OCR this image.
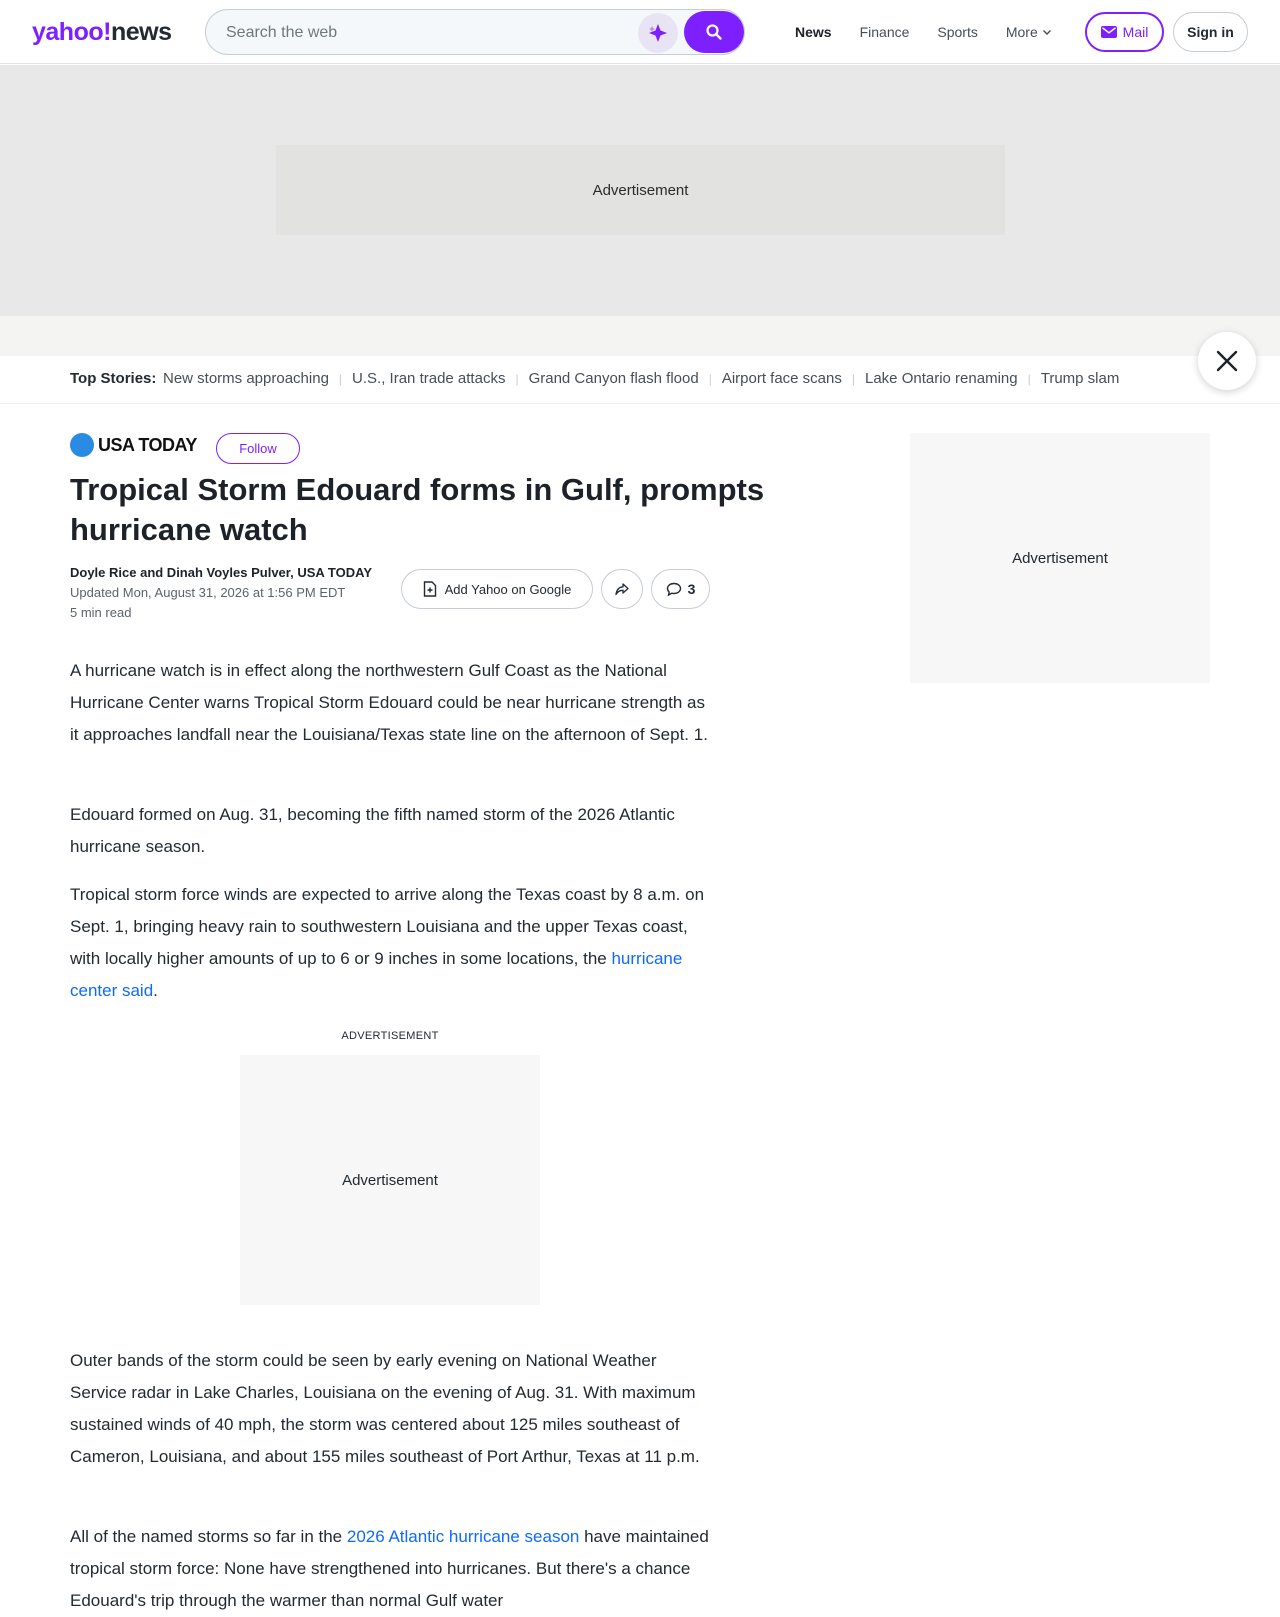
yahoo!news
Search the web	News Finance Sports More	Mail	Sign in
Advertisement
Top Stories: New storms approaching | U.S., Iran trade attacks | Grand Canyon flash flood | Airport face scans | Lake Ontario renaming | Trump slam
USA TODAY	Follow
Tropical Storm Edouard forms in Gulf, prompts hurricane watch
Doyle Rice and Dinah Voyles Pulver, USA TODAY
Updated Mon, August 31, 2026 at 1:56 PM EDT
5 min read
Add Yahoo on Google	3

A hurricane watch is in effect along the northwestern Gulf Coast as the National Hurricane Center warns Tropical Storm Edouard could be near hurricane strength as it approaches landfall near the Louisiana/Texas state line on the afternoon of Sept. 1.

Edouard formed on Aug. 31, becoming the fifth named storm of the 2026 Atlantic hurricane season.

Tropical storm force winds are expected to arrive along the Texas coast by 8 a.m. on Sept. 1, bringing heavy rain to southwestern Louisiana and the upper Texas coast, with locally higher amounts of up to 6 or 9 inches in some locations, the hurricane center said.

ADVERTISEMENT
Advertisement

Outer bands of the storm could be seen by early evening on National Weather Service radar in Lake Charles, Louisiana on the evening of Aug. 31. With maximum sustained winds of 40 mph, the storm was centered about 125 miles southeast of Cameron, Louisiana, and about 155 miles southeast of Port Arthur, Texas at 11 p.m.

All of the named storms so far in the 2026 Atlantic hurricane season have maintained tropical storm force: None have strengthened into hurricanes. But there's a chance Edouard's trip through the warmer than normal Gulf water

Advertisement
